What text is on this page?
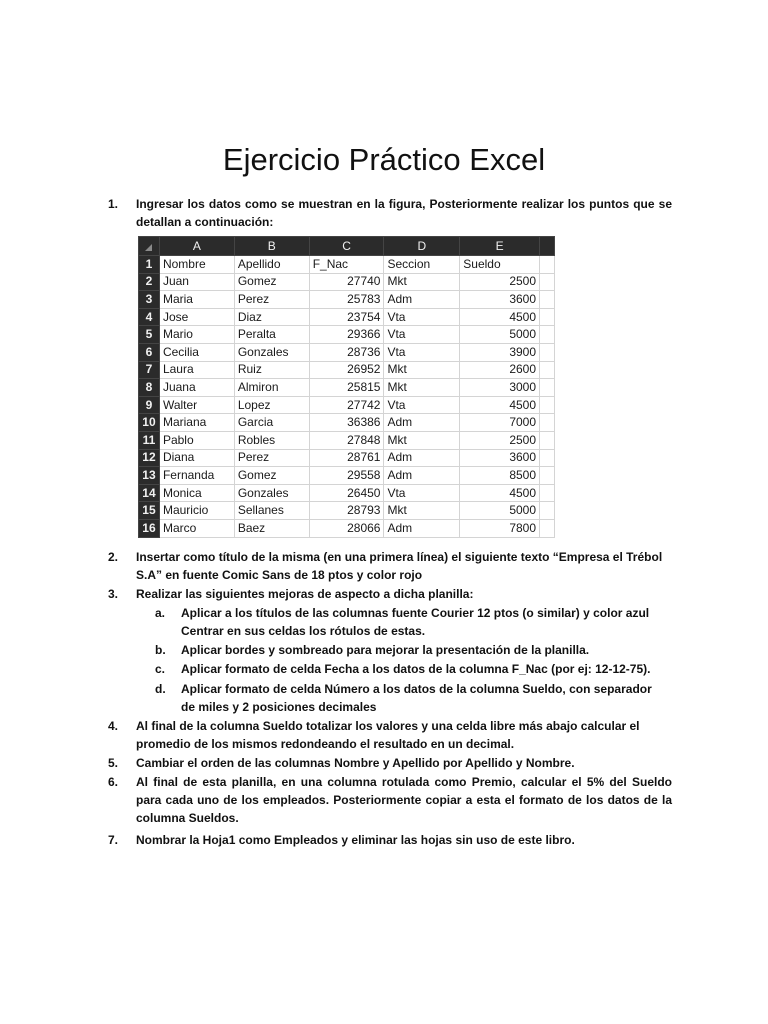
Ejercicio Práctico Excel
1.	Ingresar los datos como se muestran en la figura, Posteriormente realizar los puntos que se detallan a continuación:
	A	B	C	D	E	
1	Nombre	Apellido	F_Nac	Seccion	Sueldo	
2	Juan	Gomez	27740	Mkt	2500	
3	Maria	Perez	25783	Adm	3600	
4	Jose	Diaz	23754	Vta	4500	
5	Mario	Peralta	29366	Vta	5000	
6	Cecilia	Gonzales	28736	Vta	3900	
7	Laura	Ruiz	26952	Mkt	2600	
8	Juana	Almiron	25815	Mkt	3000	
9	Walter	Lopez	27742	Vta	4500	
10	Mariana	Garcia	36386	Adm	7000	
11	Pablo	Robles	27848	Mkt	2500	
12	Diana	Perez	28761	Adm	3600	
13	Fernanda	Gomez	29558	Adm	8500	
14	Monica	Gonzales	26450	Vta	4500	
15	Mauricio	Sellanes	28793	Mkt	5000	
16	Marco	Baez	28066	Adm	7800	

2.	Insertar como título de la misma (en una primera línea) el siguiente texto “Empresa el Trébol S.A” en fuente Comic Sans de 18 ptos y color rojo
3.	Realizar las siguientes mejoras de aspecto a dicha planilla:
a.	Aplicar a los títulos de las columnas fuente Courier 12 ptos (o similar) y color azul Centrar en sus celdas los rótulos de estas.
b.	Aplicar bordes y sombreado para mejorar la presentación de la planilla.
c.	Aplicar formato de celda Fecha a los datos de la columna F_Nac (por ej: 12-12-75).
d.	Aplicar formato de celda Número a los datos de la columna Sueldo, con separador de miles y 2 posiciones decimales
4.	Al final de la columna Sueldo totalizar los valores y una celda libre más abajo calcular el promedio de los mismos redondeando el resultado en un decimal.
5.	Cambiar el orden de las columnas Nombre y Apellido por Apellido y Nombre.
6.	Al final de esta planilla, en una columna rotulada como Premio, calcular el 5% del Sueldo para cada uno de los empleados. Posteriormente copiar a esta el formato de los datos de la columna Sueldos.
7.	Nombrar la Hoja1 como Empleados y eliminar las hojas sin uso de este libro.
